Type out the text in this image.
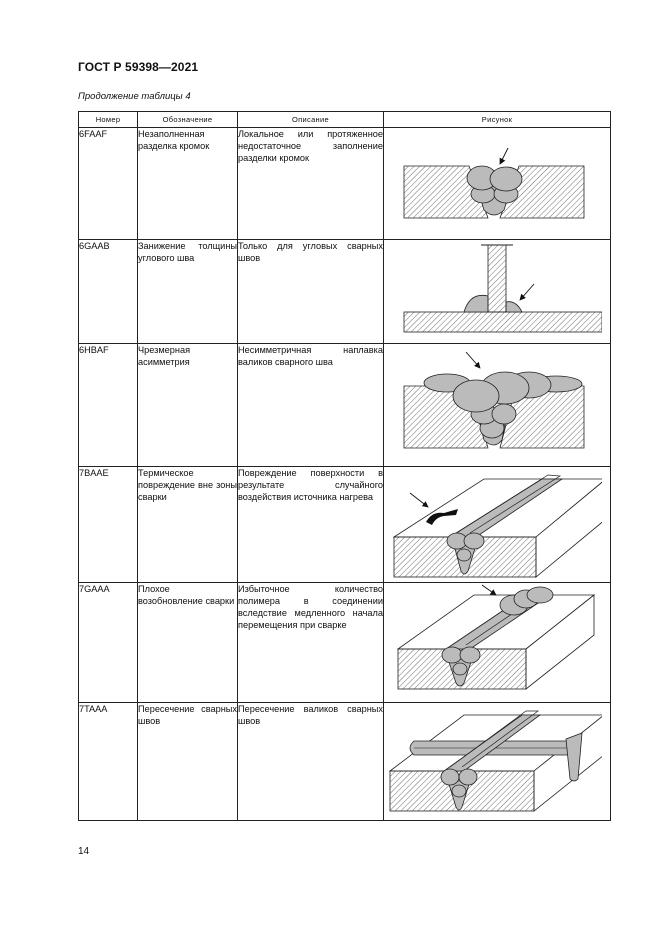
ГОСТ Р 59398—2021
Продолжение таблицы 4
Номер	Обозначение	Описание	Рисунок
6FAAF	Незаполненная разделка кромок	Локальное или протяженное недостаточное заполнение разделки кромок	

6GAAB	Занижение толщины углового шва	Только для угловых сварных швов	

6HBAF	Чрезмерная асимметрия	Несимметричная наплавка валиков сварного шва	

7BAAE	Термическое повреждение вне зоны сварки	Повреждение поверхности в результате случайного воздействия источника нагрева	

7GAAA	Плохое возобновление сварки	Избыточное количество полимера в соединении вследствие медленного начала перемещения при сварке	

7TAAA	Пересечение сварных швов	Пересечение валиков сварных швов	
14
